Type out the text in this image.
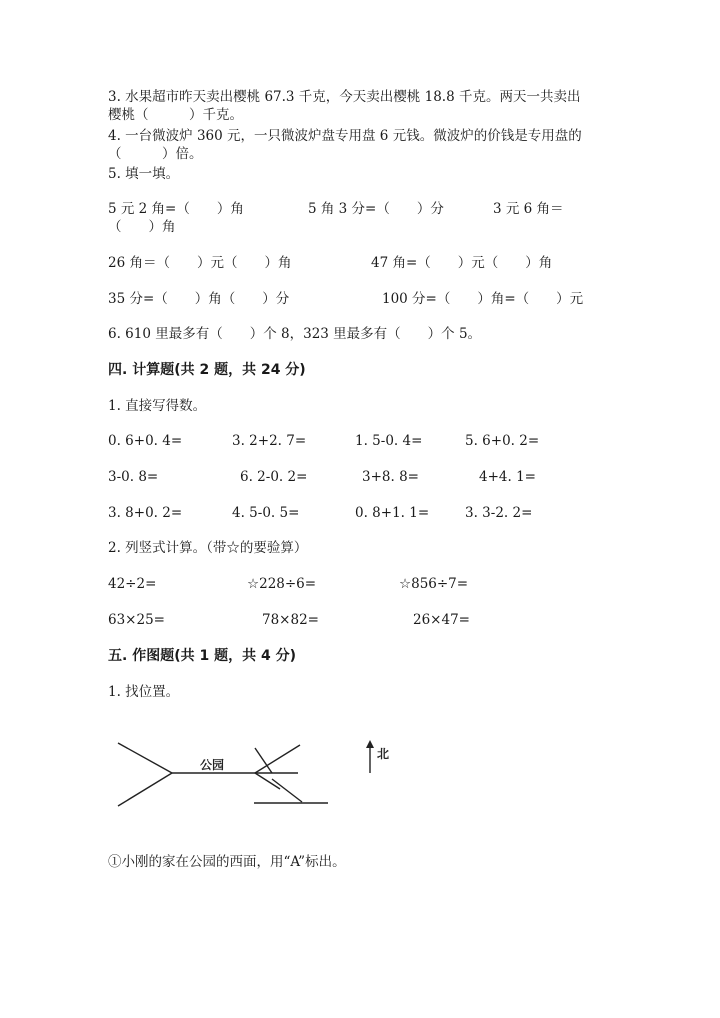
3. 水果超市昨天卖出樱桃 67.3 千克，今天卖出樱桃 18.8 千克。两天一共卖出
樱桃（　　　）千克。
4. 一台微波炉 360 元，一只微波炉盘专用盘 6 元钱。微波炉的价钱是专用盘的
（　　　）倍。
5. 填一填。
5 元 2 角=（　　）角	5 角 3 分=（　　）分	3 元 6 角＝
（　　）角
26 角＝（　　）元（　　）角	47 角=（　　）元（　　）角
35 分=（　　）角（　　）分	100 分=（　　）角=（　　）元
6. 610 里最多有（　　）个 8，323 里最多有（　　）个 5。
四. 计算题(共 2 题，共 24 分)
1. 直接写得数。
0. 6+0. 4=	3. 2+2. 7=	1. 5-0. 4=	5. 6+0. 2=
3-0. 8=	6. 2-0. 2=	3+8. 8=	4+4. 1=
3. 8+0. 2=	4. 5-0. 5=	0. 8+1. 1=	3. 3-2. 2=
2. 列竖式计算。（带☆的要验算）
42÷2=	☆228÷6=	☆856÷7=
63×25=	78×82=	26×47=
五. 作图题(共 1 题，共 4 分)
1. 找位置。
公园
北
①小刚的家在公园的西面，用“A”标出。
